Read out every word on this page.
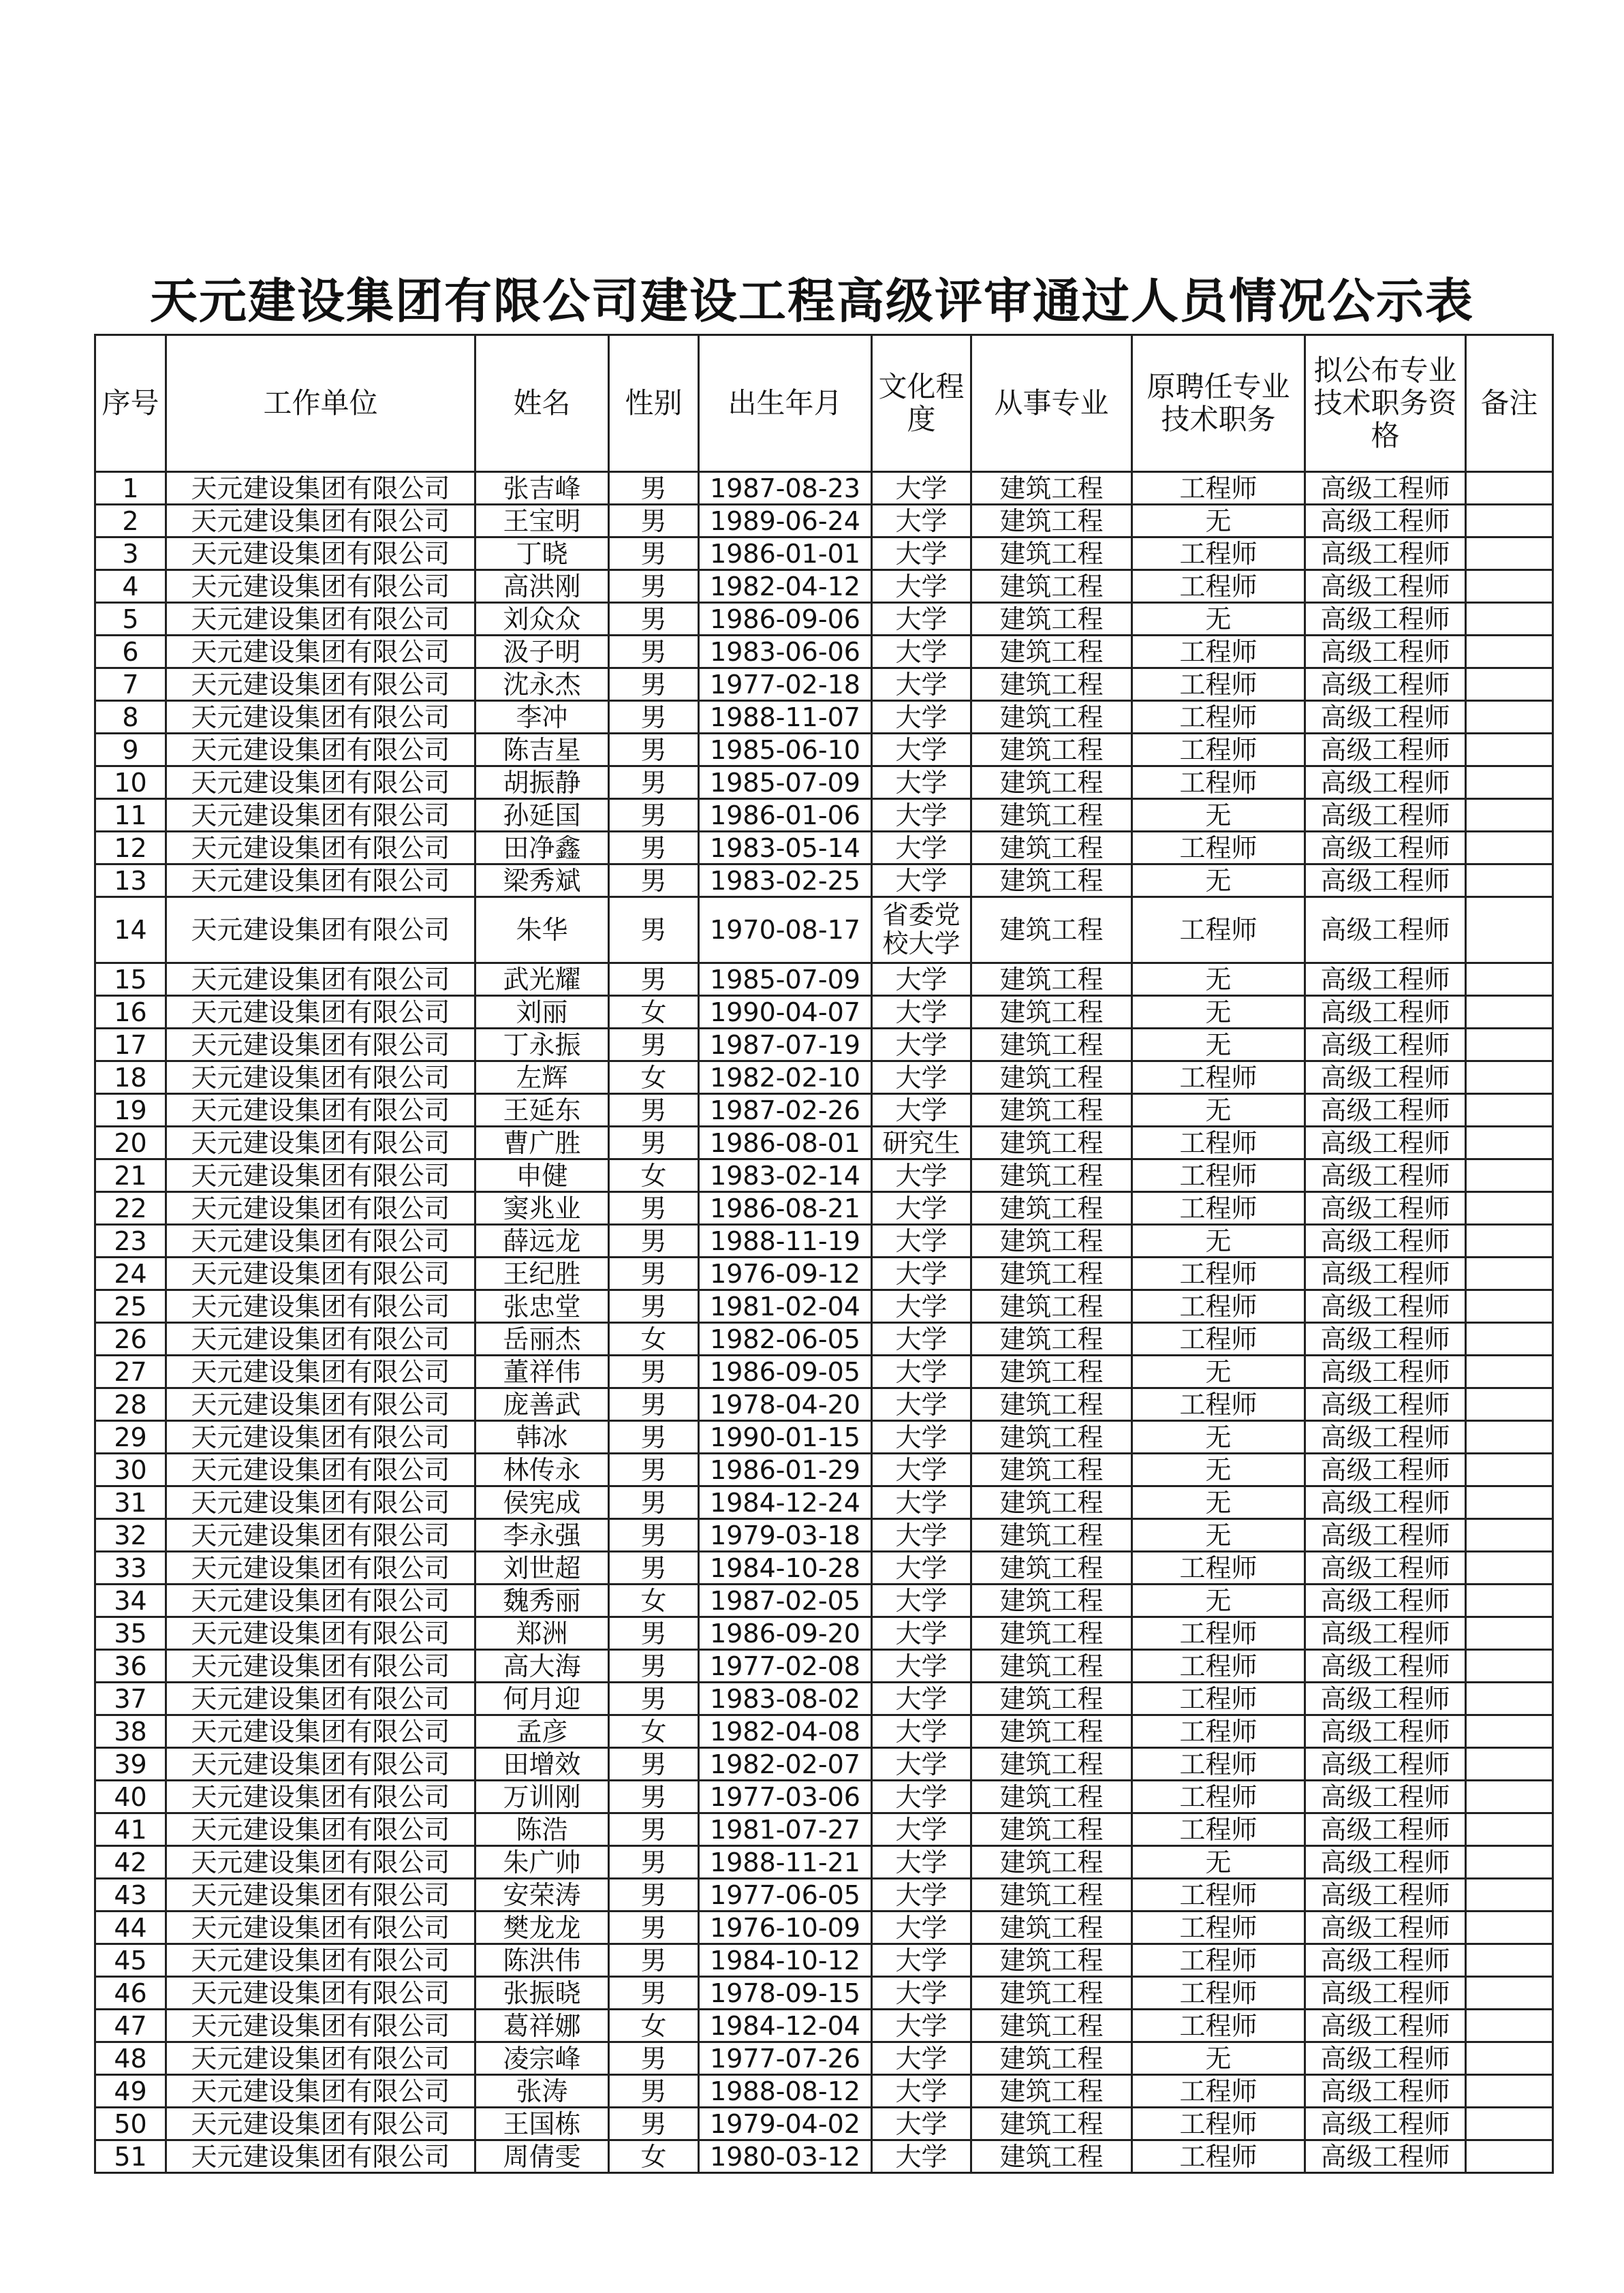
天元建设集团有限公司建设工程高级评审通过人员情况公示表
序号	工作单位	姓名	性别	出生年月	文化程度	从事专业	原聘任专业技术职务	拟公布专业技术职务资格	备注
1	天元建设集团有限公司	张吉峰	男	1987-08-23	大学	建筑工程	工程师	高级工程师	
2	天元建设集团有限公司	王宝明	男	1989-06-24	大学	建筑工程	无	高级工程师	
3	天元建设集团有限公司	丁晓	男	1986-01-01	大学	建筑工程	工程师	高级工程师	
4	天元建设集团有限公司	高洪刚	男	1982-04-12	大学	建筑工程	工程师	高级工程师	
5	天元建设集团有限公司	刘众众	男	1986-09-06	大学	建筑工程	无	高级工程师	
6	天元建设集团有限公司	汲子明	男	1983-06-06	大学	建筑工程	工程师	高级工程师	
7	天元建设集团有限公司	沈永杰	男	1977-02-18	大学	建筑工程	工程师	高级工程师	
8	天元建设集团有限公司	李冲	男	1988-11-07	大学	建筑工程	工程师	高级工程师	
9	天元建设集团有限公司	陈吉星	男	1985-06-10	大学	建筑工程	工程师	高级工程师	
10	天元建设集团有限公司	胡振静	男	1985-07-09	大学	建筑工程	工程师	高级工程师	
11	天元建设集团有限公司	孙延国	男	1986-01-06	大学	建筑工程	无	高级工程师	
12	天元建设集团有限公司	田净鑫	男	1983-05-14	大学	建筑工程	工程师	高级工程师	
13	天元建设集团有限公司	梁秀斌	男	1983-02-25	大学	建筑工程	无	高级工程师	
14	天元建设集团有限公司	朱华	男	1970-08-17	省委党校大学	建筑工程	工程师	高级工程师	
15	天元建设集团有限公司	武光耀	男	1985-07-09	大学	建筑工程	无	高级工程师	
16	天元建设集团有限公司	刘丽	女	1990-04-07	大学	建筑工程	无	高级工程师	
17	天元建设集团有限公司	丁永振	男	1987-07-19	大学	建筑工程	无	高级工程师	
18	天元建设集团有限公司	左辉	女	1982-02-10	大学	建筑工程	工程师	高级工程师	
19	天元建设集团有限公司	王延东	男	1987-02-26	大学	建筑工程	无	高级工程师	
20	天元建设集团有限公司	曹广胜	男	1986-08-01	研究生	建筑工程	工程师	高级工程师	
21	天元建设集团有限公司	申健	女	1983-02-14	大学	建筑工程	工程师	高级工程师	
22	天元建设集团有限公司	窦兆业	男	1986-08-21	大学	建筑工程	工程师	高级工程师	
23	天元建设集团有限公司	薛远龙	男	1988-11-19	大学	建筑工程	无	高级工程师	
24	天元建设集团有限公司	王纪胜	男	1976-09-12	大学	建筑工程	工程师	高级工程师	
25	天元建设集团有限公司	张忠堂	男	1981-02-04	大学	建筑工程	工程师	高级工程师	
26	天元建设集团有限公司	岳丽杰	女	1982-06-05	大学	建筑工程	工程师	高级工程师	
27	天元建设集团有限公司	董祥伟	男	1986-09-05	大学	建筑工程	无	高级工程师	
28	天元建设集团有限公司	庞善武	男	1978-04-20	大学	建筑工程	工程师	高级工程师	
29	天元建设集团有限公司	韩冰	男	1990-01-15	大学	建筑工程	无	高级工程师	
30	天元建设集团有限公司	林传永	男	1986-01-29	大学	建筑工程	无	高级工程师	
31	天元建设集团有限公司	侯宪成	男	1984-12-24	大学	建筑工程	无	高级工程师	
32	天元建设集团有限公司	李永强	男	1979-03-18	大学	建筑工程	无	高级工程师	
33	天元建设集团有限公司	刘世超	男	1984-10-28	大学	建筑工程	工程师	高级工程师	
34	天元建设集团有限公司	魏秀丽	女	1987-02-05	大学	建筑工程	无	高级工程师	
35	天元建设集团有限公司	郑洲	男	1986-09-20	大学	建筑工程	工程师	高级工程师	
36	天元建设集团有限公司	高大海	男	1977-02-08	大学	建筑工程	工程师	高级工程师	
37	天元建设集团有限公司	何月迎	男	1983-08-02	大学	建筑工程	工程师	高级工程师	
38	天元建设集团有限公司	孟彦	女	1982-04-08	大学	建筑工程	工程师	高级工程师	
39	天元建设集团有限公司	田增效	男	1982-02-07	大学	建筑工程	工程师	高级工程师	
40	天元建设集团有限公司	万训刚	男	1977-03-06	大学	建筑工程	工程师	高级工程师	
41	天元建设集团有限公司	陈浩	男	1981-07-27	大学	建筑工程	工程师	高级工程师	
42	天元建设集团有限公司	朱广帅	男	1988-11-21	大学	建筑工程	无	高级工程师	
43	天元建设集团有限公司	安荣涛	男	1977-06-05	大学	建筑工程	工程师	高级工程师	
44	天元建设集团有限公司	樊龙龙	男	1976-10-09	大学	建筑工程	工程师	高级工程师	
45	天元建设集团有限公司	陈洪伟	男	1984-10-12	大学	建筑工程	工程师	高级工程师	
46	天元建设集团有限公司	张振晓	男	1978-09-15	大学	建筑工程	工程师	高级工程师	
47	天元建设集团有限公司	葛祥娜	女	1984-12-04	大学	建筑工程	工程师	高级工程师	
48	天元建设集团有限公司	凌宗峰	男	1977-07-26	大学	建筑工程	无	高级工程师	
49	天元建设集团有限公司	张涛	男	1988-08-12	大学	建筑工程	工程师	高级工程师	
50	天元建设集团有限公司	王国栋	男	1979-04-02	大学	建筑工程	工程师	高级工程师	
51	天元建设集团有限公司	周倩雯	女	1980-03-12	大学	建筑工程	工程师	高级工程师	
